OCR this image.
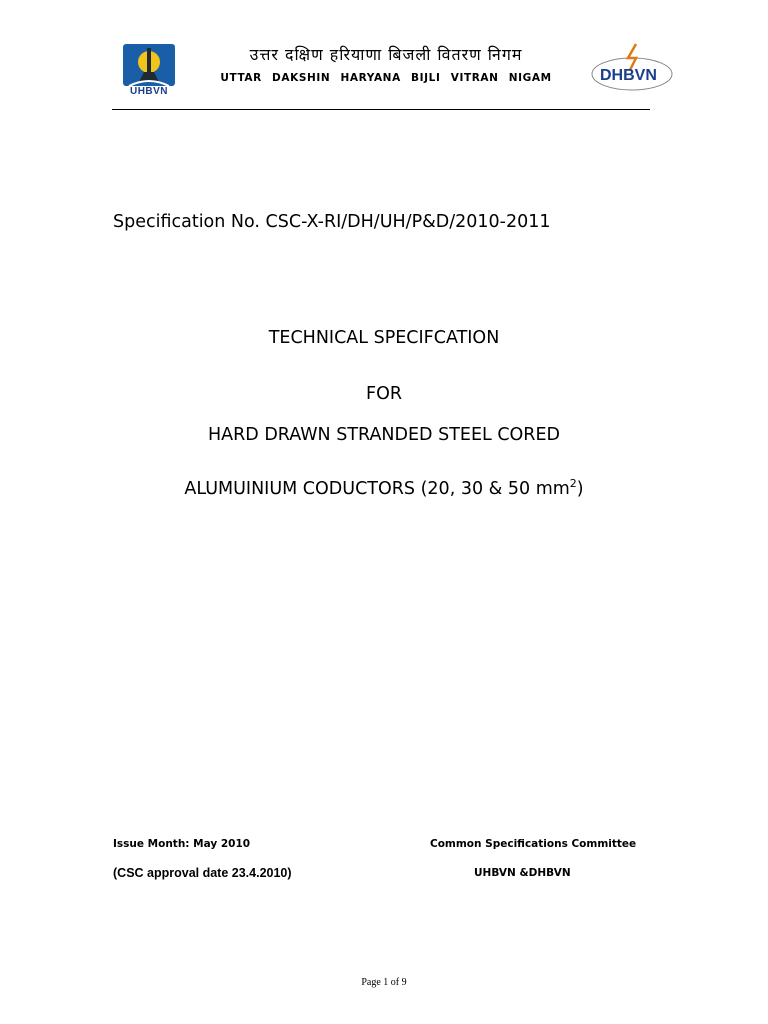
UHBVN
उत्तर दक्षिण हरियाणा बिजली वितरण निगम
UTTAR DAKSHIN HARYANA BIJLI VITRAN NIGAM	DHBVN
Specification No. CSC-X-RI/DH/UH/P&D/2010-2011
TECHNICAL SPECIFCATION
FOR
HARD DRAWN STRANDED STEEL CORED
ALUMUINIUM CODUCTORS (20, 30 & 50 $mm^2$)
Issue Month: May 2010	Common Specifications Committee
(CSC approval date 23.4.2010)	UHBVN &DHBVN
Page 1 of 9
